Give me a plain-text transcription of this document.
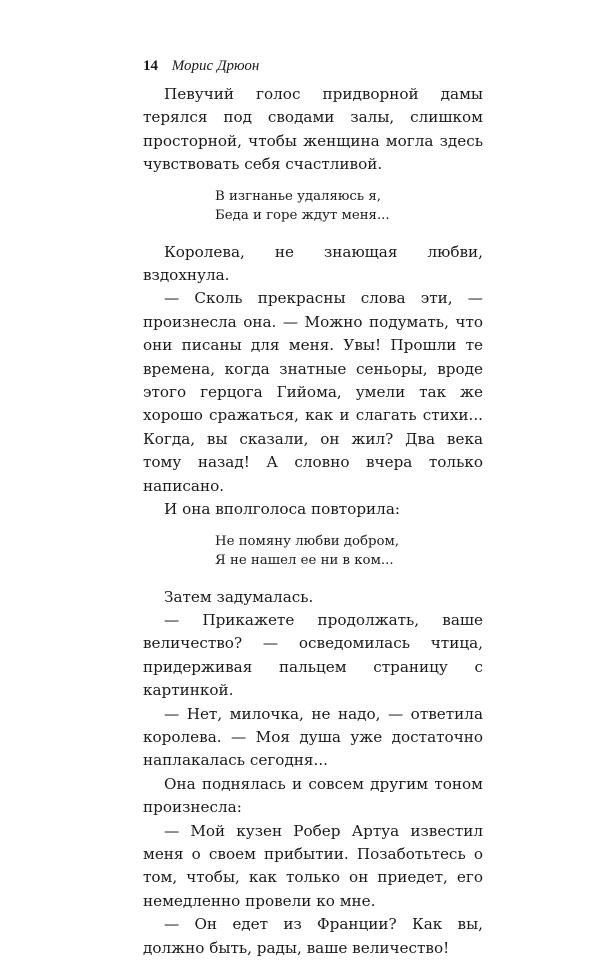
14 Морис Дрюон

Певучий голос придворной дамы терялся под сводами залы, слишком просторной, чтобы женщина могла здесь чувствовать себя счастливой.

В изгнанье удаляюсь я,
Беда и горе ждут меня...

Королева, не знающая любви, вздохнула.

— Сколь прекрасны слова эти, — произнесла она. — Можно подумать, что они писаны для меня. Увы! Прошли те времена, когда знатные сеньоры, вроде этого герцога Гийома, умели так же хорошо сражаться, как и слагать стихи... Когда, вы сказали, он жил? Два века тому назад! А словно вчера только написано.

И она вполголоса повторила:

Не помяну любви добром,
Я не нашел ее ни в ком...

Затем задумалась.

— Прикажете продолжать, ваше величество? — осведомилась чтица, придерживая пальцем страницу с картинкой.

— Нет, милочка, не надо, — ответила королева. — Моя душа уже достаточно наплакалась сегодня...

Она поднялась и совсем другим тоном произнесла:

— Мой кузен Робер Артуа известил меня о своем прибытии. Позаботьтесь о том, чтобы, как только он приедет, его немедленно провели ко мне.

— Он едет из Франции? Как вы, должно быть, рады, ваше величество!
